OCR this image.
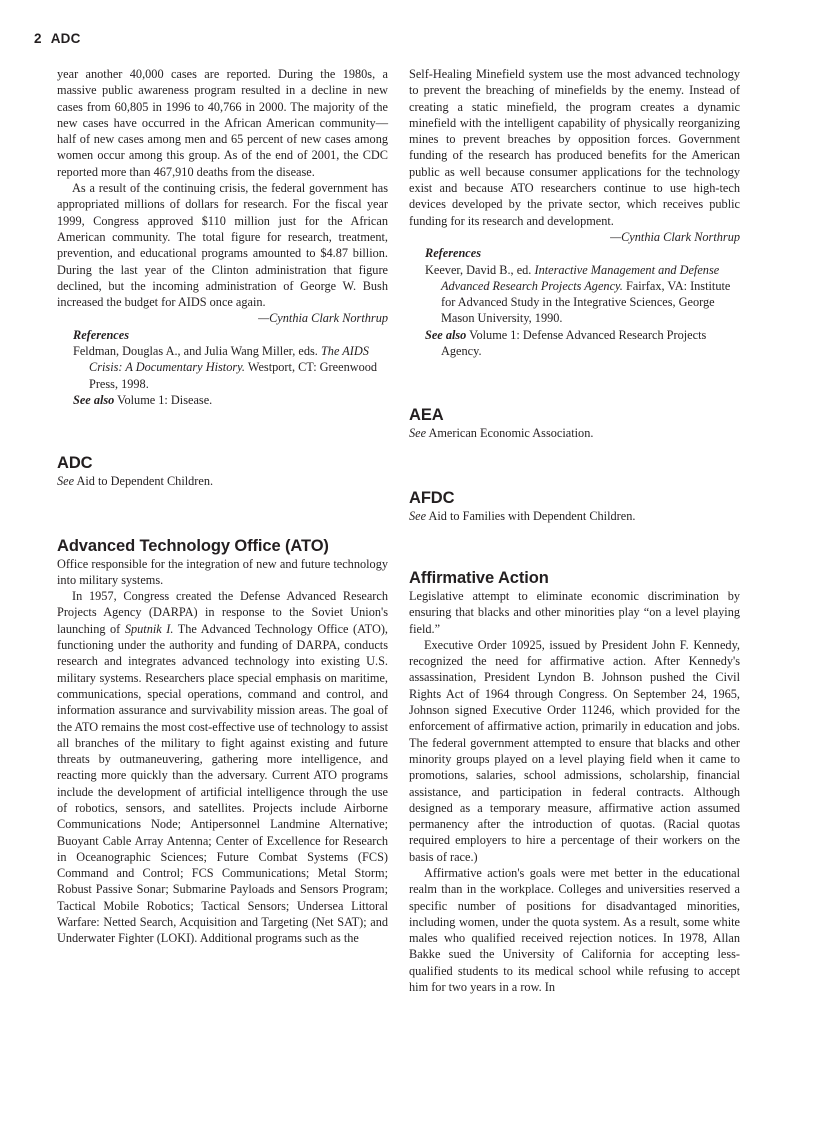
2 ADC

year another 40,000 cases are reported. During the 1980s, a massive public awareness program resulted in a decline in new cases from 60,805 in 1996 to 40,766 in 2000. The majority of the new cases have occurred in the African American community—half of new cases among men and 65 percent of new cases among women occur among this group. As of the end of 2001, the CDC reported more than 467,910 deaths from the disease.

As a result of the continuing crisis, the federal government has appropriated millions of dollars for research. For the fiscal year 1999, Congress approved $110 million just for the African American community. The total figure for research, treatment, prevention, and educational programs amounted to $4.87 billion. During the last year of the Clinton administration that figure declined, but the incoming administration of George W. Bush increased the budget for AIDS once again.

—Cynthia Clark Northrup

References

Feldman, Douglas A., and Julia Wang Miller, eds. The AIDS Crisis: A Documentary History. Westport, CT: Greenwood Press, 1998.

See also Volume 1: Disease.

ADC

See Aid to Dependent Children.

Advanced Technology Office (ATO)

Office responsible for the integration of new and future technology into military systems.

In 1957, Congress created the Defense Advanced Research Projects Agency (DARPA) in response to the Soviet Union's launching of Sputnik I. The Advanced Technology Office (ATO), functioning under the authority and funding of DARPA, conducts research and integrates advanced technology into existing U.S. military systems. Researchers place special emphasis on maritime, communications, special operations, command and control, and information assurance and survivability mission areas. The goal of the ATO remains the most cost-effective use of technology to assist all branches of the military to fight against existing and future threats by outmaneuvering, gathering more intelligence, and reacting more quickly than the adversary. Current ATO programs include the development of artificial intelligence through the use of robotics, sensors, and satellites. Projects include Airborne Communications Node; Antipersonnel Landmine Alternative; Buoyant Cable Array Antenna; Center of Excellence for Research in Oceanographic Sciences; Future Combat Systems (FCS) Command and Control; FCS Communications; Metal Storm; Robust Passive Sonar; Submarine Payloads and Sensors Program; Tactical Mobile Robotics; Tactical Sensors; Undersea Littoral Warfare: Netted Search, Acquisition and Targeting (Net SAT); and Underwater Fighter (LOKI). Additional programs such as the

Self-Healing Minefield system use the most advanced technology to prevent the breaching of minefields by the enemy. Instead of creating a static minefield, the program creates a dynamic minefield with the intelligent capability of physically reorganizing mines to prevent breaches by opposition forces. Government funding of the research has produced benefits for the American public as well because consumer applications for the technology exist and because ATO researchers continue to use high-tech devices developed by the private sector, which receives public funding for its research and development.

—Cynthia Clark Northrup

References

Keever, David B., ed. Interactive Management and Defense Advanced Research Projects Agency. Fairfax, VA: Institute for Advanced Study in the Integrative Sciences, George Mason University, 1990.

See also Volume 1: Defense Advanced Research Projects Agency.

AEA

See American Economic Association.

AFDC

See Aid to Families with Dependent Children.

Affirmative Action

Legislative attempt to eliminate economic discrimination by ensuring that blacks and other minorities play “on a level playing field.”

Executive Order 10925, issued by President John F. Kennedy, recognized the need for affirmative action. After Kennedy's assassination, President Lyndon B. Johnson pushed the Civil Rights Act of 1964 through Congress. On September 24, 1965, Johnson signed Executive Order 11246, which provided for the enforcement of affirmative action, primarily in education and jobs. The federal government attempted to ensure that blacks and other minority groups played on a level playing field when it came to promotions, salaries, school admissions, scholarship, financial assistance, and participation in federal contracts. Although designed as a temporary measure, affirmative action assumed permanency after the introduction of quotas. (Racial quotas required employers to hire a percentage of their workers on the basis of race.)

Affirmative action's goals were met better in the educational realm than in the workplace. Colleges and universities reserved a specific number of positions for disadvantaged minorities, including women, under the quota system. As a result, some white males who qualified received rejection notices. In 1978, Allan Bakke sued the University of California for accepting less-qualified students to its medical school while refusing to accept him for two years in a row. In
